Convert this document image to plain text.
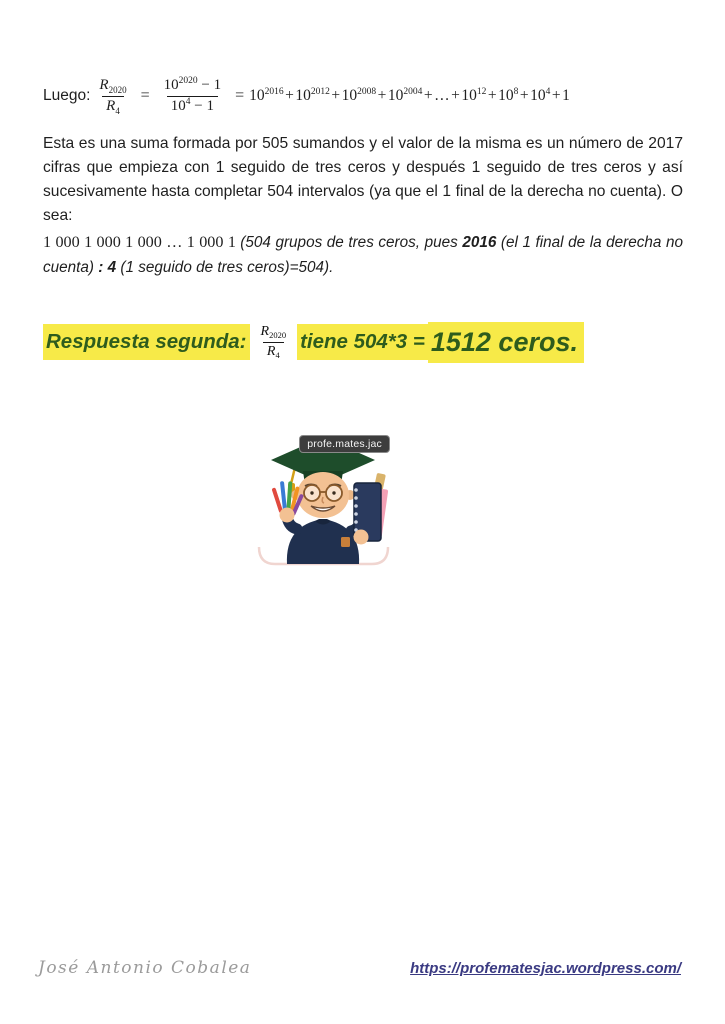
Luego: $\frac{R_{2020}}{R_4} = \frac{10^{2020} - 1}{10^4 - 1}$ = $10^{2016}+10^{2012}+10^{2008}+10^{2004}+\dots+10^{12}+10^8+10^4+1$

Esta es una suma formada por 505 sumandos y el valor de la misma es un número de 2017 cifras que empieza con 1 seguido de tres ceros y después 1 seguido de tres ceros y así sucesivamente hasta completar 504 intervalos (ya que el 1 final de la derecha no cuenta). O sea:

1 000 1 000 1 000 … 1 000 1 (504 grupos de tres ceros, pues 2016 (el 1 final de la derecha no cuenta) : 4 (1 seguido de tres ceros)=504).

Respuesta segunda: $\frac{R_{2020}}{R_4}$ tiene 504*3 = 1512 ceros.
profe.mates.jac
José Antonio Cobalea	https://profematesjac.wordpress.com/
